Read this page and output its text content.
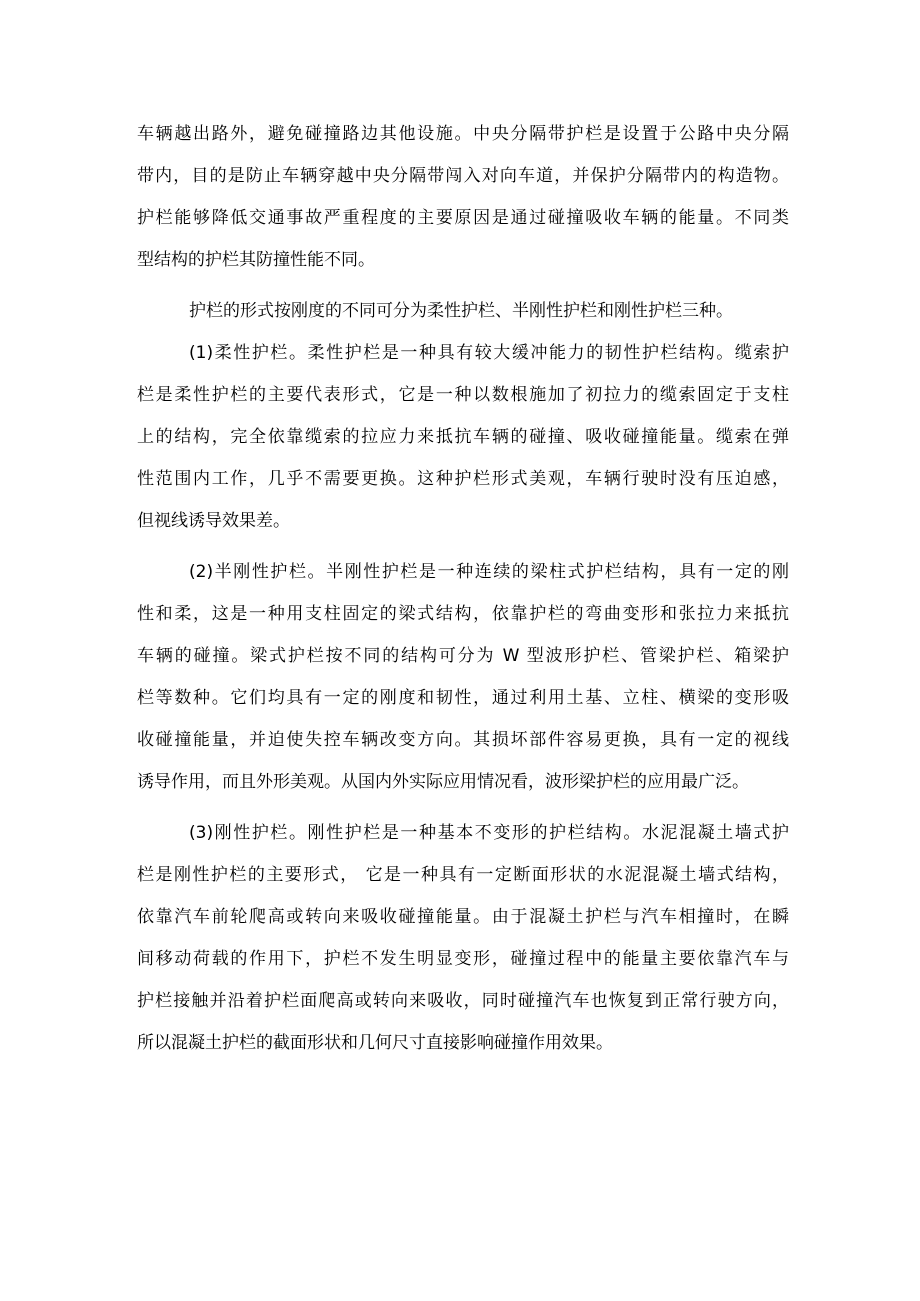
车辆越出路外，避免碰撞路边其他设施。中央分隔带护栏是设置于公路中央分隔
带内，目的是防止车辆穿越中央分隔带闯入对向车道，并保护分隔带内的构造物。
护栏能够降低交通事故严重程度的主要原因是通过碰撞吸收车辆的能量。不同类
型结构的护栏其防撞性能不同。
护栏的形式按刚度的不同可分为柔性护栏、半刚性护栏和刚性护栏三种。
(1)柔性护栏。柔性护栏是一种具有较大缓冲能力的韧性护栏结构。缆索护
栏是柔性护栏的主要代表形式，它是一种以数根施加了初拉力的缆索固定于支柱
上的结构，完全依靠缆索的拉应力来抵抗车辆的碰撞、吸收碰撞能量。缆索在弹
性范围内工作，几乎不需要更换。这种护栏形式美观，车辆行驶时没有压迫感，
但视线诱导效果差。
(2)半刚性护栏。半刚性护栏是一种连续的梁柱式护栏结构，具有一定的刚
性和柔，这是一种用支柱固定的梁式结构，依靠护栏的弯曲变形和张拉力来抵抗
车辆的碰撞。梁式护栏按不同的结构可分为 W 型波形护栏、管梁护栏、箱梁护
栏等数种。它们均具有一定的刚度和韧性，通过利用土基、立柱、横梁的变形吸
收碰撞能量，并迫使失控车辆改变方向。其损坏部件容易更换，具有一定的视线
诱导作用，而且外形美观。从国内外实际应用情况看，波形梁护栏的应用最广泛。
(3)刚性护栏。刚性护栏是一种基本不变形的护栏结构。水泥混凝土墙式护
栏是刚性护栏的主要形式， 它是一种具有一定断面形状的水泥混凝土墙式结构，
依靠汽车前轮爬高或转向来吸收碰撞能量。由于混凝土护栏与汽车相撞时，在瞬
间移动荷载的作用下，护栏不发生明显变形，碰撞过程中的能量主要依靠汽车与
护栏接触并沿着护栏面爬高或转向来吸收，同时碰撞汽车也恢复到正常行驶方向，
所以混凝土护栏的截面形状和几何尺寸直接影响碰撞作用效果。
